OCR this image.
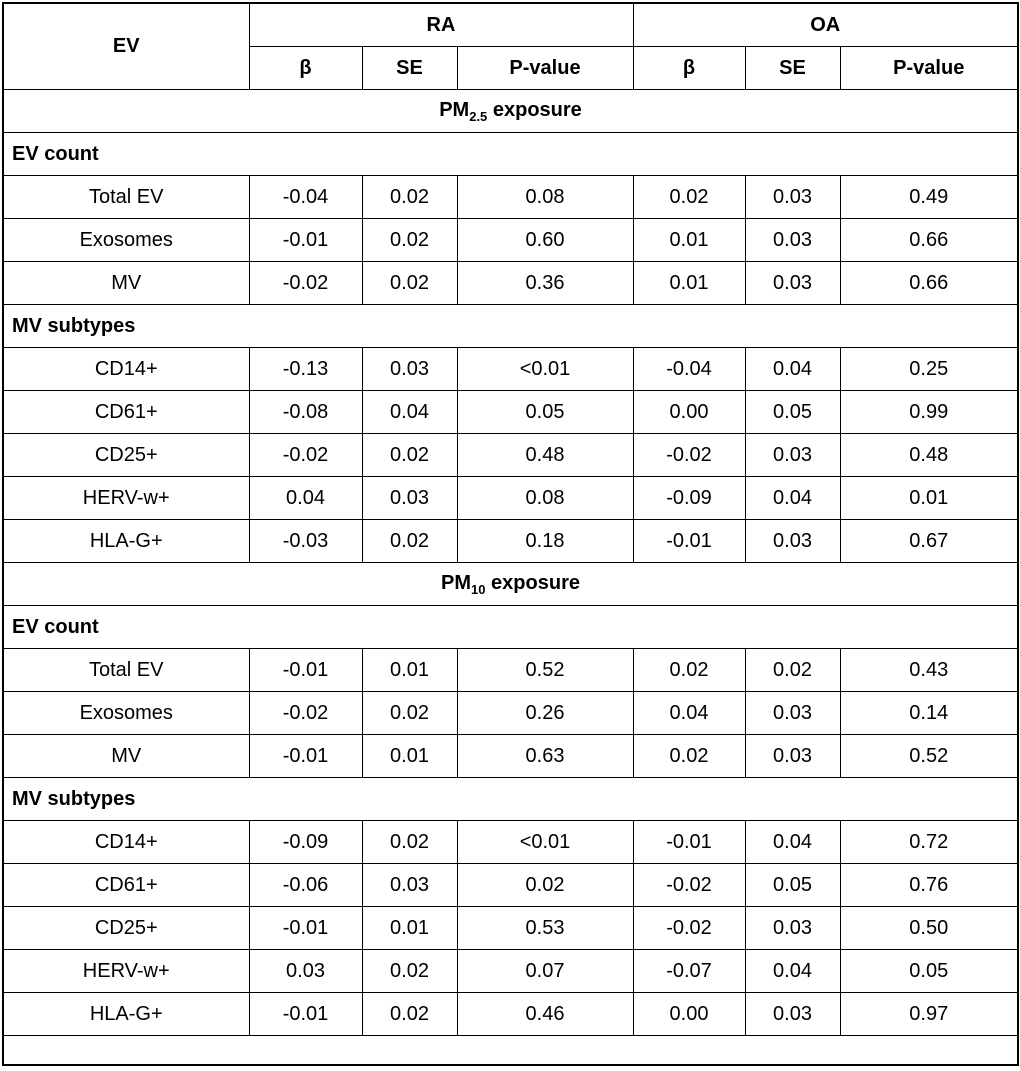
EV	RA			OA		
	β	SE	P-value	β	SE	P-value
$PM_{2.5}$ exposure						
EV count						
Total EV	-0.04	0.02	0.08	0.02	0.03	0.49
Exosomes	-0.01	0.02	0.60	0.01	0.03	0.66
MV	-0.02	0.02	0.36	0.01	0.03	0.66
MV subtypes						
CD14+	-0.13	0.03	<0.01	-0.04	0.04	0.25
CD61+	-0.08	0.04	0.05	0.00	0.05	0.99
CD25+	-0.02	0.02	0.48	-0.02	0.03	0.48
HERV-w+	0.04	0.03	0.08	-0.09	0.04	0.01
HLA-G+	-0.03	0.02	0.18	-0.01	0.03	0.67
$PM_{10}$ exposure						
EV count						
Total EV	-0.01	0.01	0.52	0.02	0.02	0.43
Exosomes	-0.02	0.02	0.26	0.04	0.03	0.14
MV	-0.01	0.01	0.63	0.02	0.03	0.52
MV subtypes						
CD14+	-0.09	0.02	<0.01	-0.01	0.04	0.72
CD61+	-0.06	0.03	0.02	-0.02	0.05	0.76
CD25+	-0.01	0.01	0.53	-0.02	0.03	0.50
HERV-w+	0.03	0.02	0.07	-0.07	0.04	0.05
HLA-G+	-0.01	0.02	0.46	0.00	0.03	0.97
